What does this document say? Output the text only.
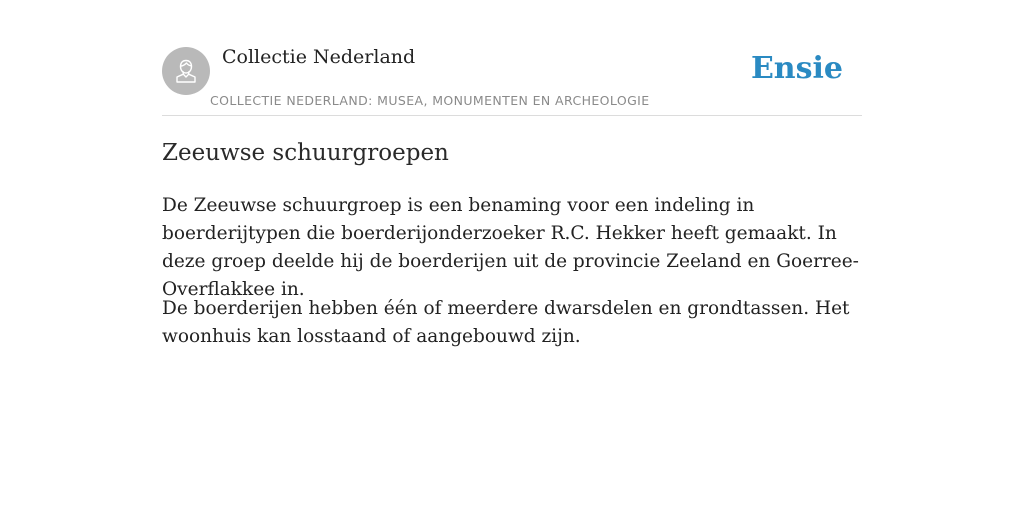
Collectie Nederland
COLLECTIE NEDERLAND: MUSEA, MONUMENTEN EN ARCHEOLOGIE
Ensie
Zeeuwse schuurgroepen

De Zeeuwse schuurgroep is een benaming voor een indeling in boerderijtypen die boerderijonderzoeker R.C. Hekker heeft gemaakt. In deze groep deelde hij de boerderijen uit de provincie Zeeland en Goerree-Overflakkee in.

De boerderijen hebben één of meerdere dwarsdelen en grondtassen. Het woonhuis kan losstaand of aangebouwd zijn.
